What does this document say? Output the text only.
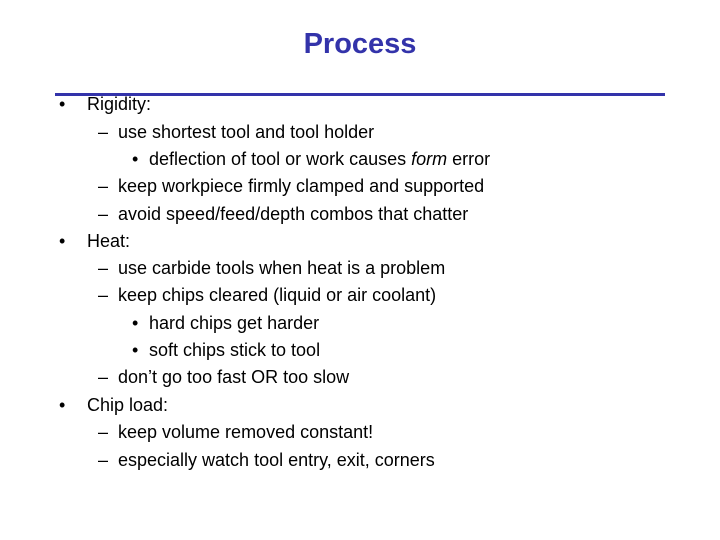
Process
• Rigidity:
– use shortest tool and tool holder
• deflection of tool or work causes form error
– keep workpiece firmly clamped and supported
– avoid speed/feed/depth combos that chatter
• Heat:
– use carbide tools when heat is a problem
– keep chips cleared (liquid or air coolant)
• hard chips get harder
• soft chips stick to tool
– don’t go too fast OR too slow
• Chip load:
– keep volume removed constant!
– especially watch tool entry, exit, corners
